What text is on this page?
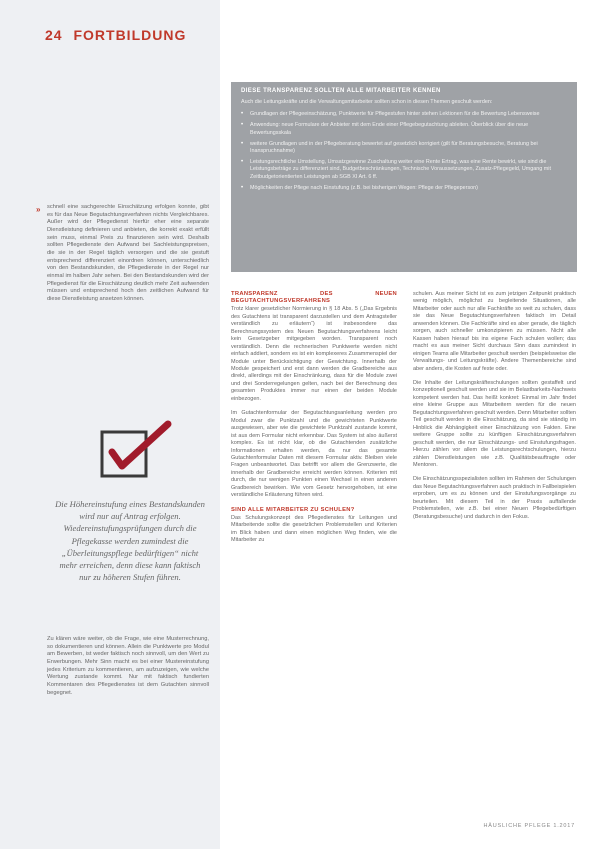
24 FORTBILDUNG
» schnell eine sachgerechte Einschätzung erfolgen konnte, gibt es für das Neue Begutachtungsverfahren nichts Vergleichbares. Außer wird der Pflegedienst hierfür eher eine separate Dienstleistung definieren und anbieten, die korrekt exakt erfüllt sein muss, einmal Preis zu finanzieren sein wird. Deshalb sollten Pflegedienste den Aufwand bei Sachleistungspreisen, die sie in der Regel täglich versorgen und die sie gestuft entsprechend differenziert einordnen können, unterschiedlich von den Bestandskunden, die Pflegedienste in der Regel nur einmal im halben Jahr sehen. Bei den Bestandskunden wird der Pflegedienst für die Einschätzung deutlich mehr Zeit aufwenden müssen und entsprechend hoch den zeitlichen Aufwand für diese Dienstleistung ansetzen können.

Die Höhereinstufung eines Bestandskunden wird nur auf Antrag erfolgen. Wiedereinstufungsprüfungen durch die Pflegekasse werden zumindest die „Überleitungspflege bedürftigen“ nicht mehr erreichen, denn diese kann faktisch nur zu höheren Stufen führen.

Zu klären wäre weiter, ob die Frage, wie eine Musterrechnung, so dokumentieren und können. Allein die Punktwerte pro Modul am Bewerben, ist weder faktisch noch sinnvoll, um den Wert zu Erwerbungen. Mehr Sinn macht es bei einer Mustereinstufung jedes Kriterium zu kommentieren, am aufzuzeigen, wie welche Wertung zustande kommt. Nur mit faktisch fundierten Kommentaren des Pflegedienstes ist dem Gutachten sinnvoll begegnet.

DIESE TRANSPARENZ SOLLTEN ALLE MITARBEITER KENNEN
Auch die Leitungskräfte und die Verwaltungsmitarbeiter sollten schon in diesen Themen geschult werden:
• Grundlagen der Pflegeeinschätzung, Punktwerte für Pflegestufen hinter stehen Lektionen für die Bewertung Lebensweise
• Anwendung: neue Formulare der Anbieter mit dem Ende einer Pflegebegutachtung ableiten. Überblick über die neue Bewertungsskala
• weitere Grundlagen und in der Pflegeberatung bewertet auf gesetzlich korrigiert (gilt für Beratungsbesuche, Beratung bei Inanspruchnahme)
• Leistungsrechtliche Umstellung, Umsatzgewinne Zuschaltung weiter eine Rente Ertrag, was eine Rente bewirkt, wie sind die Leistungsbeträge zu differenziert sind, Budgetbeschränkungen, Technische Voraussetzungen, Zusatz-Pflegegeld, Umgang mit Zeitbudgetorientierten Leistungen ab SGB XI Art. 6 ff.
• Möglichkeiten der Pflege nach Einstufung (z.B. bei bisherigen Wegen: Pflege der Pflegeperson)
TRANSPARENZ DES NEUEN BEGUTACHTUNGSVERFAHRENS

Trotz klarer gesetzlicher Normierung in § 18 Abs. 5 („Das Ergebnis des Gutachtens ist transparent darzustellen und dem Antragsteller verständlich zu erläutern“) ist insbesondere das Berechnungssystem des Neuen Begutachtungsverfahrens leicht kein Gesetzgeber mitgegeben worden. Transparent noch verständlich. Denn die rechnerischen Punktwerte werden nicht einfach addiert, sondern es ist ein komplexeres Zusammenspiel der Module unter Berücksichtigung der Gewichtung. Innerhalb der Module gespeichert und erst dann werden die Gradbereiche aus direkt, allerdings mit der Einschränkung, dass für die Module zwei und drei Sonderregelungen gelten, nach bei der Berechnung des gesamten Produktes immer nur einen der beiden Module einbezogen.

Im Gutachtenformular der Begutachtungsanleitung werden pro Modul zwar die Punktzahl und die gewichteten Punktwerte ausgewiesen, aber wie die gewichtete Punktzahl zustande kommt, ist aus dem Formular nicht erkennbar. Das System ist also äußerst komplex. Es ist nicht klar, ob die Gutachtenden zusätzliche Informationen erhalten werden, da nur das gesamte Gutachtenformular Daten mit diesem Formular aktiv. Bleiben viele Fragen unbeantwortet. Das betrifft vor allem die Grenzwerte, die innerhalb der Gradbereiche erreicht werden können. Kriterien mit durch, die nur wenigen Punkten einen Wechsel in einen anderen Gradbereich bewirken. Wie vom Gesetz hervorgehoben, ist eine verständliche Erläuterung führen wird.

SIND ALLE MITARBEITER ZU SCHULEN?

Das Schulungskonzept des Pflegedienstes für Leitungen und Mitarbeitende sollte die gesetzlichen Problemstellen und Kriterien im Blick haben und dann einen möglichen Weg finden, wie die Mitarbeiter zu

schulen. Aus meiner Sicht ist es zum jetzigen Zeitpunkt praktisch wenig möglich, möglichst zu begleitende Situationen, alle Mitarbeiter oder auch nur alle Fachkräfte so weit zu schulen, dass sie das Neue Begutachtungsverfahren faktisch im Detail anwenden können. Die Fachkräfte sind es aber gerade, die täglich sorgen, auch schneller umkonzipieren zu müssen. Nicht alle Kassen haben hierauf bis ins eigene Fach schulen wollen; das macht es aus meiner Sicht durchaus Sinn dass zumindest in einigen Teams alle Mitarbeiter geschult werden (beispielsweise die Verwaltungs- und Leitungskräfte). Andere Themenbereiche sind aber anders, die Kosten auf feste oder.

Die Inhalte der Leitungskräfteschulungen sollten gestaffelt und konzeptionell geschult werden und sie im Belastbarkeits-Nachweis kompetent werden hat. Das heißt konkret: Einmal im Jahr findet eine kleine Gruppe aus Mitarbeitern werden für die neuen Begutachtungsverfahren geschult werden. Denn Mitarbeiter sollten Teil geschult werden in die Einschätzung, da sind sie ständig im Hinblick die Abhängigkeit einer Einschätzung von Fakten. Eine weitere Gruppe sollte zu künftigen Einschätzungsverfahren geschult werden, die nur Einschätzungs- und Einstufungsfragen. Hierzu zählen vor allem die Leistungsrechtschulungen, hierzu zählen Dienstleistungen wie z.B. Qualitätsbeauftragte oder Mentoren.

Die Einschätzungsspezialisten sollten im Rahmen der Schulungen das Neue Begutachtungsverfahren auch praktisch in Fallbeispielen erproben, um es zu können und der Einstufungsvorgänge zu beurteilen. Mit diesem Teil in der Praxis auffallende Problemstellen, wie z.B. bei einer Neuen Pflegebedürftigen (Beratungsbesuche) und dadurch in den Fokus.

HÄUSLICHE PFLEGE 1.2017
